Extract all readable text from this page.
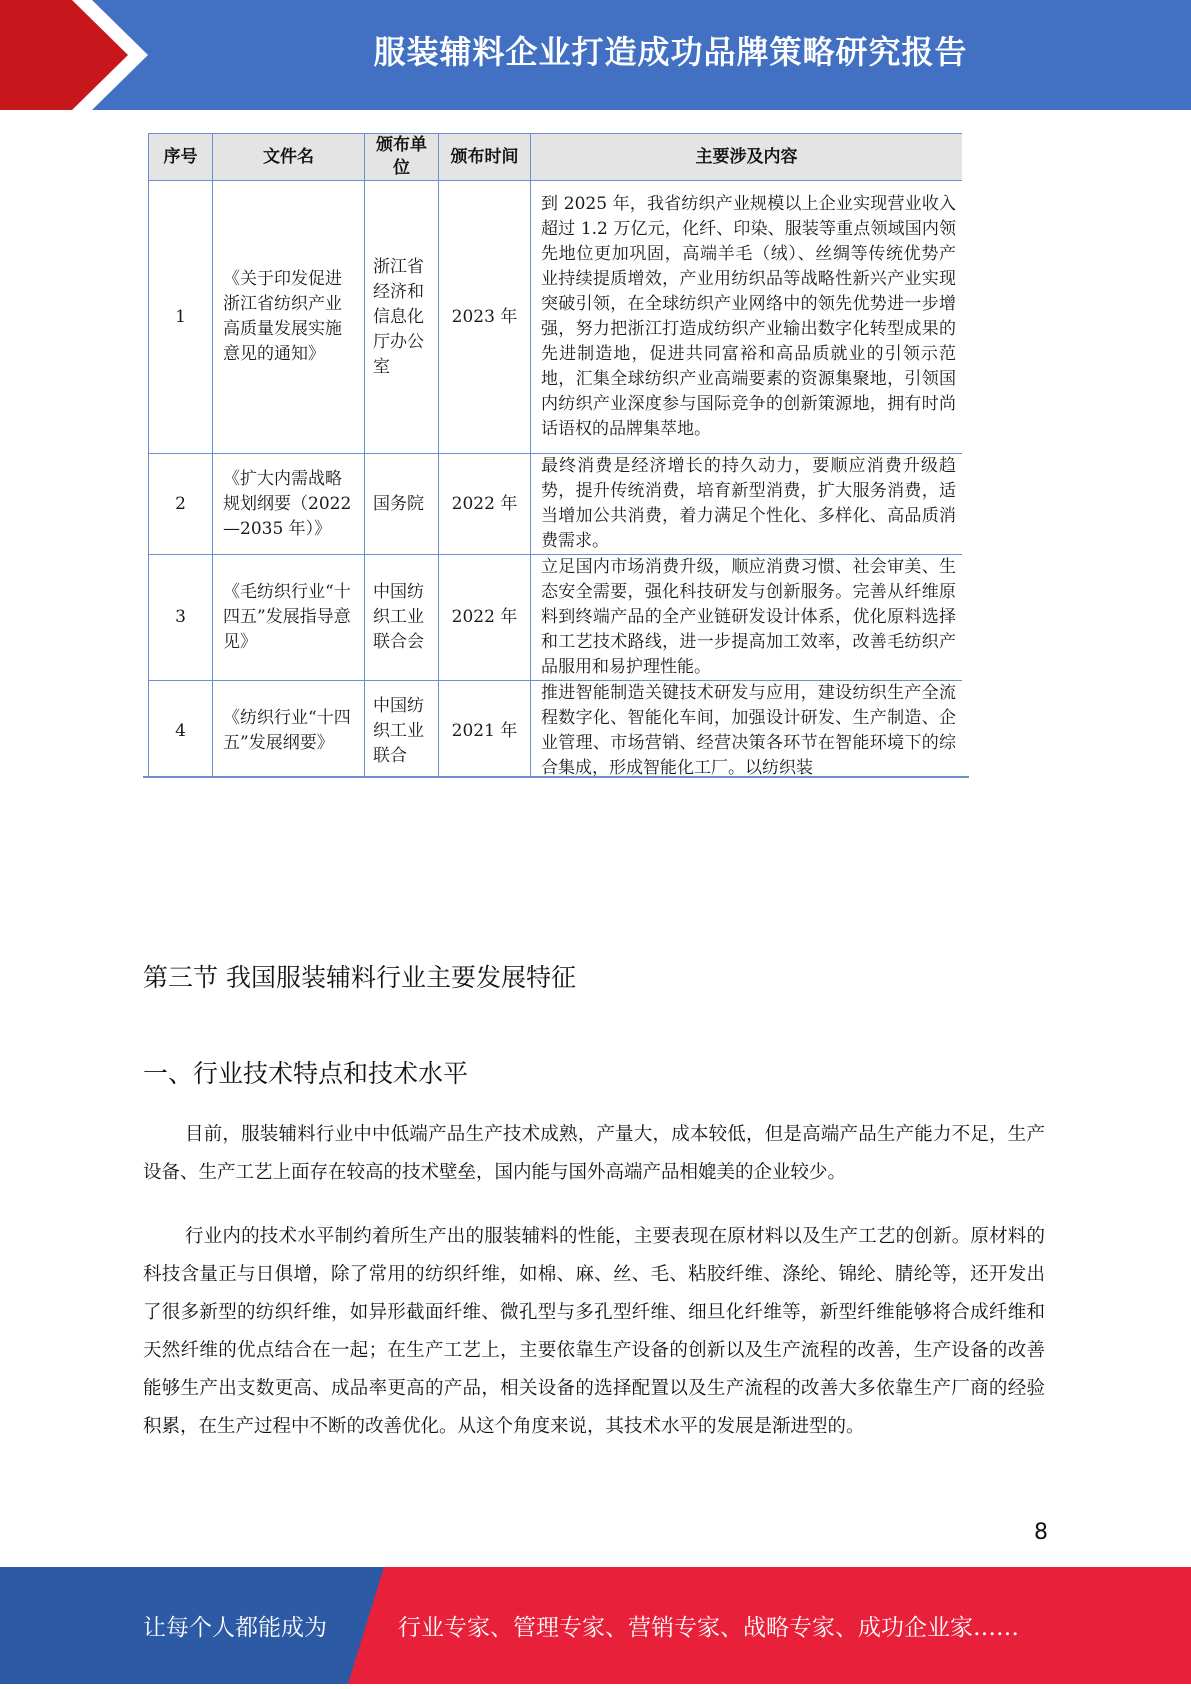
服装辅料企业打造成功品牌策略研究报告
序号	文件名	颁布单位	颁布时间	主要涉及内容
1	《关于印发促进浙江省纺织产业高质量发展实施意见的通知》	浙江省经济和信息化厅办公室	2023 年	到 2025 年，我省纺织产业规模以上企业实现营业收入超过 1.2 万亿元，化纤、印染、服装等重点领域国内领先地位更加巩固，高端羊毛（绒）、丝绸等传统优势产业持续提质增效，产业用纺织品等战略性新兴产业实现突破引领，在全球纺织产业网络中的领先优势进一步增强，努力把浙江打造成纺织产业输出数字化转型成果的先进制造地，促进共同富裕和高品质就业的引领示范地，汇集全球纺织产业高端要素的资源集聚地，引领国内纺织产业深度参与国际竞争的创新策源地，拥有时尚话语权的品牌集萃地。
2	《扩大内需战略规划纲要（2022—2035 年）》	国务院	2022 年	最终消费是经济增长的持久动力，要顺应消费升级趋势，提升传统消费，培育新型消费，扩大服务消费，适当增加公共消费，着力满足个性化、多样化、高品质消费需求。
3	《毛纺织行业“十四五”发展指导意见》	中国纺织工业联合会	2022 年	立足国内市场消费升级，顺应消费习惯、社会审美、生态安全需要，强化科技研发与创新服务。完善从纤维原料到终端产品的全产业链研发设计体系，优化原料选择和工艺技术路线，进一步提高加工效率，改善毛纺织产品服用和易护理性能。
4	《纺织行业“十四五”发展纲要》	中国纺织工业联合	2021 年	推进智能制造关键技术研发与应用，建设纺织生产全流程数字化、智能化车间，加强设计研发、生产制造、企业管理、市场营销、经营决策各环节在智能环境下的综合集成，形成智能化工厂。以纺织装
第三节 我国服装辅料行业主要发展特征
一、行业技术特点和技术水平

目前，服装辅料行业中中低端产品生产技术成熟，产量大，成本较低，但是高端产品生产能力不足，生产设备、生产工艺上面存在较高的技术壁垒，国内能与国外高端产品相媲美的企业较少。

行业内的技术水平制约着所生产出的服装辅料的性能，主要表现在原材料以及生产工艺的创新。原材料的科技含量正与日俱增，除了常用的纺织纤维，如棉、麻、丝、毛、粘胶纤维、涤纶、锦纶、腈纶等，还开发出了很多新型的纺织纤维，如异形截面纤维、微孔型与多孔型纤维、细旦化纤维等，新型纤维能够将合成纤维和天然纤维的优点结合在一起；在生产工艺上，主要依靠生产设备的创新以及生产流程的改善，生产设备的改善能够生产出支数更高、成品率更高的产品，相关设备的选择配置以及生产流程的改善大多依靠生产厂商的经验积累，在生产过程中不断的改善优化。从这个角度来说，其技术水平的发展是渐进型的。

8
让每个人都能成为	行业专家、管理专家、营销专家、战略专家、成功企业家……
